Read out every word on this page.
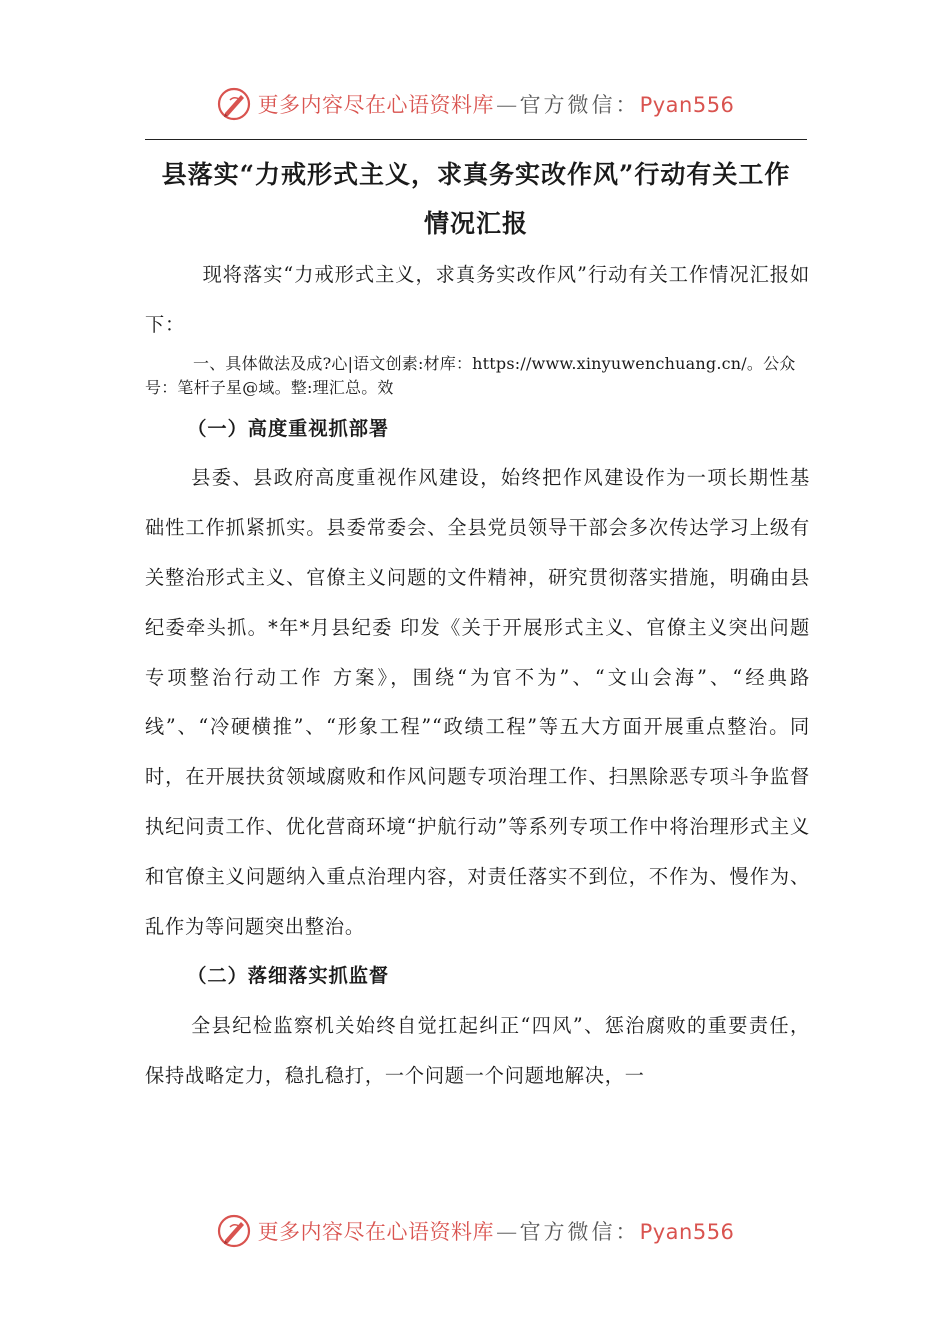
更多内容尽在心语资料库—官方微信：Pyan556
县落实“力戒形式主义，求真务实改作风”行动有关工作
情况汇报

现将落实“力戒形式主义，求真务实改作风”行动有关工作情况汇报如下：

一、具体做法及成?心|语文创素:材库：https://www.xinyuwenchuang.cn/。公众号：笔杆子星@域。整:理汇总。效

（一）高度重视抓部署

县委、县政府高度重视作风建设，始终把作风建设作为一项长期性基础性工作抓紧抓实。县委常委会、全县党员领导干部会多次传达学习上级有关整治形式主义、官僚主义问题的文件精神，研究贯彻落实措施，明确由县纪委牵头抓。*年*月县纪委 印发《关于开展形式主义、官僚主义突出问题专项整治行动工作 方案》，围绕“为官不为”、“文山会海”、“经典路线”、“冷硬横推”、“形象工程”“政绩工程”等五大方面开展重点整治。同时，在开展扶贫领域腐败和作风问题专项治理工作、扫黑除恶专项斗争监督执纪问责工作、优化营商环境“护航行动”等系列专项工作中将治理形式主义和官僚主义问题纳入重点治理内容，对责任落实不到位，不作为、慢作为、乱作为等问题突出整治。

（二）落细落实抓监督

全县纪检监察机关始终自觉扛起纠正“四风”、惩治腐败的重要责任，保持战略定力，稳扎稳打，一个问题一个问题地解决，一

更多内容尽在心语资料库—官方微信：Pyan556
